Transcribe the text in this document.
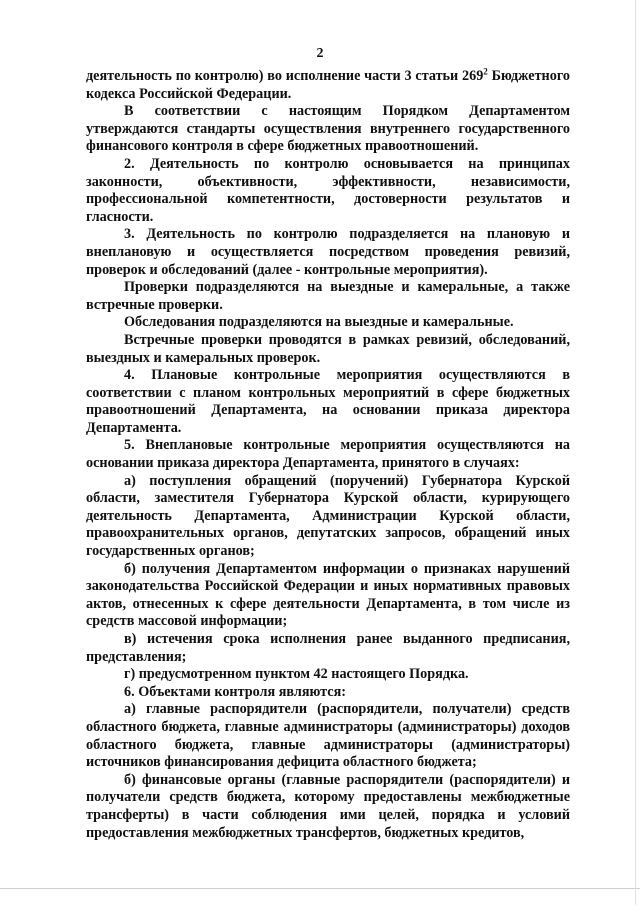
2

деятельность по контролю) во исполнение части 3 статьи $269^2$ Бюджетного кодекса Российской Федерации.

В соответствии с настоящим Порядком Департаментом утверждаются стандарты осуществления внутреннего государственного финансового контроля в сфере бюджетных правоотношений.

2. Деятельность по контролю основывается на принципах законности, объективности, эффективности, независимости, профессиональной компетентности, достоверности результатов и гласности.

3. Деятельность по контролю подразделяется на плановую и внеплановую и осуществляется посредством проведения ревизий, проверок и обследований (далее - контрольные мероприятия).

Проверки подразделяются на выездные и камеральные, а также встречные проверки.

Обследования подразделяются на выездные и камеральные.

Встречные проверки проводятся в рамках ревизий, обследований, выездных и камеральных проверок.

4. Плановые контрольные мероприятия осуществляются в соответствии с планом контрольных мероприятий в сфере бюджетных правоотношений Департамента, на основании приказа директора Департамента.

5. Внеплановые контрольные мероприятия осуществляются на основании приказа директора Департамента, принятого в случаях:

а) поступления обращений (поручений) Губернатора Курской области, заместителя Губернатора Курской области, курирующего деятельность Департамента, Администрации Курской области, правоохранительных органов, депутатских запросов, обращений иных государственных органов;

б) получения Департаментом информации о признаках нарушений законодательства Российской Федерации и иных нормативных правовых актов, отнесенных к сфере деятельности Департамента, в том числе из средств массовой информации;

в) истечения срока исполнения ранее выданного предписания, представления;

г) предусмотренном пунктом 42 настоящего Порядка.

6. Объектами контроля являются:

а) главные распорядители (распорядители, получатели) средств областного бюджета, главные администраторы (администраторы) доходов областного бюджета, главные администраторы (администраторы) источников финансирования дефицита областного бюджета;

б) финансовые органы (главные распорядители (распорядители) и получатели средств бюджета, которому предоставлены межбюджетные трансферты) в части соблюдения ими целей, порядка и условий предоставления межбюджетных трансфертов, бюджетных кредитов,
